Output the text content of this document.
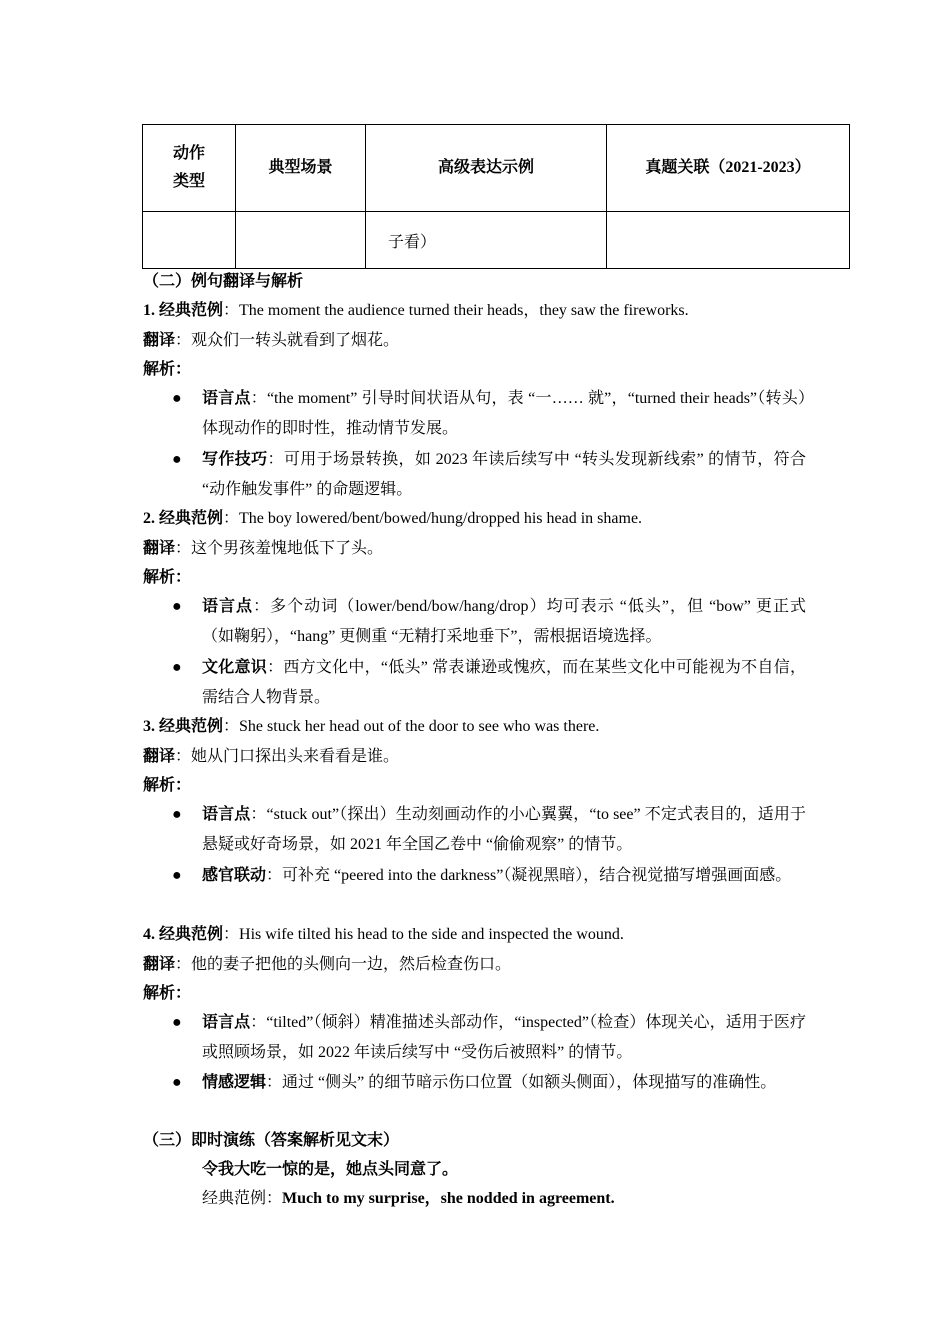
动作
类型	典型场景	高级表达示例	真题关联（2021-2023）
		子看）	
（二）例句翻译与解析
1. 经典范例：The moment the audience turned their heads，they saw the fireworks.
翻译：观众们一转头就看到了烟花。
解析：
● 语言点：“the moment” 引导时间状语从句，表 “一…… 就”，“turned their heads”（转头）体现动作的即时性，推动情节发展。
● 写作技巧：可用于场景转换，如 2023 年读后续写中 “转头发现新线索” 的情节，符合 “动作触发事件” 的命题逻辑。
2. 经典范例：The boy lowered/bent/bowed/hung/dropped his head in shame.
翻译：这个男孩羞愧地低下了头。
解析：
● 语言点：多个动词（lower/bend/bow/hang/drop）均可表示 “低头”，但 “bow” 更正式（如鞠躬），“hang” 更侧重 “无精打采地垂下”，需根据语境选择。
● 文化意识：西方文化中，“低头” 常表谦逊或愧疚，而在某些文化中可能视为不自信，需结合人物背景。
3. 经典范例：She stuck her head out of the door to see who was there.
翻译：她从门口探出头来看看是谁。
解析：
● 语言点：“stuck out”（探出）生动刻画动作的小心翼翼，“to see” 不定式表目的，适用于悬疑或好奇场景，如 2021 年全国乙卷中 “偷偷观察” 的情节。
● 感官联动：可补充 “peered into the darkness”（凝视黑暗），结合视觉描写增强画面感。
4. 经典范例：His wife tilted his head to the side and inspected the wound.
翻译：他的妻子把他的头侧向一边，然后检查伤口。
解析：
● 语言点：“tilted”（倾斜）精准描述头部动作，“inspected”（检查）体现关心，适用于医疗或照顾场景，如 2022 年读后续写中 “受伤后被照料” 的情节。
● 情感逻辑：通过 “侧头” 的细节暗示伤口位置（如额头侧面），体现描写的准确性。
（三）即时演练（答案解析见文末）
令我大吃一惊的是，她点头同意了。
经典范例：Much to my surprise，she nodded in agreement.
